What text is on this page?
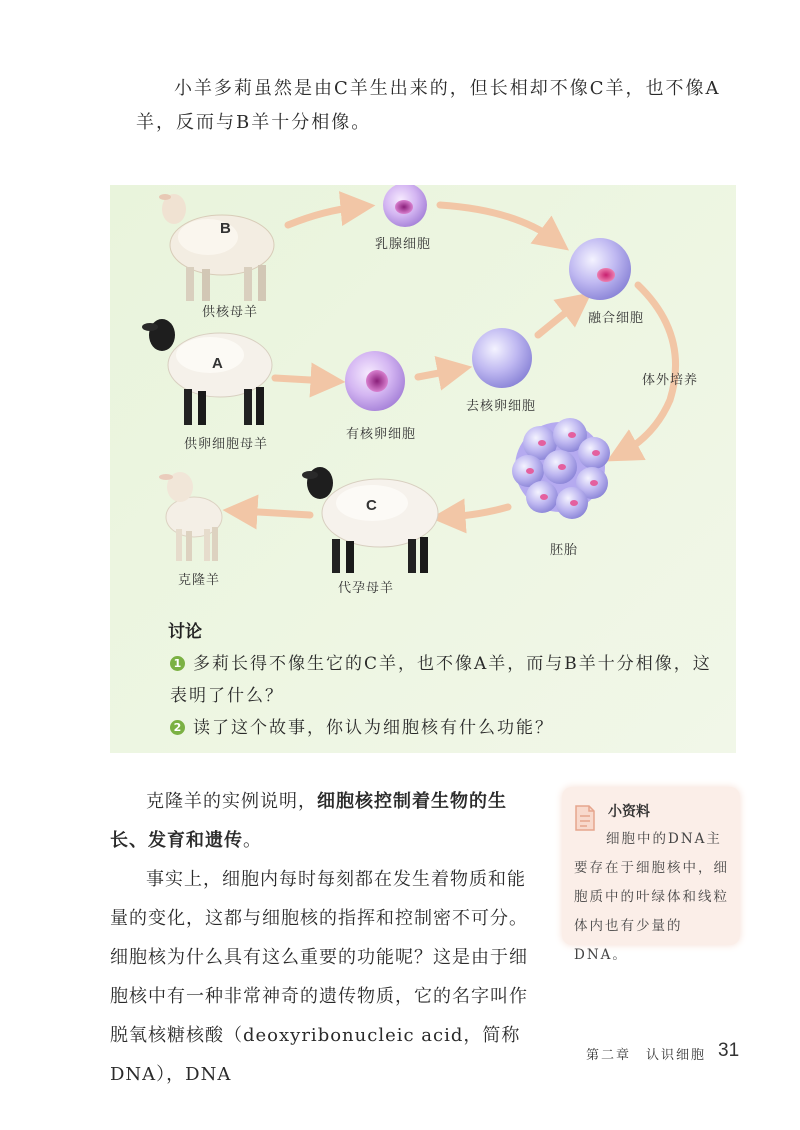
小羊多莉虽然是由C羊生出来的，但长相却不像C羊，也不像A羊，反而与B羊十分相像。

B
A
C
供核母羊
乳腺细胞
融合细胞
供卵细胞母羊
有核卵细胞
去核卵细胞
体外培养
胚胎
代孕母羊
克隆羊
讨论
1 多莉长得不像生它的C羊，也不像A羊，而与B羊十分相像，这
表明了什么？
2 读了这个故事，你认为细胞核有什么功能？

克隆羊的实例说明，细胞核控制着生物的生长、发育和遗传。
事实上，细胞内每时每刻都在发生着物质和能量的变化，这都与细胞核的指挥和控制密不可分。细胞核为什么具有这么重要的功能呢？这是由于细胞核中有一种非常神奇的遗传物质，它的名字叫作脱氧核糖核酸（deoxyribonucleic acid，简称DNA），DNA

小资料

细胞中的DNA主要存在于细胞核中，细胞质中的叶绿体和线粒体内也有少量的DNA。

第二章　认识细胞 31
